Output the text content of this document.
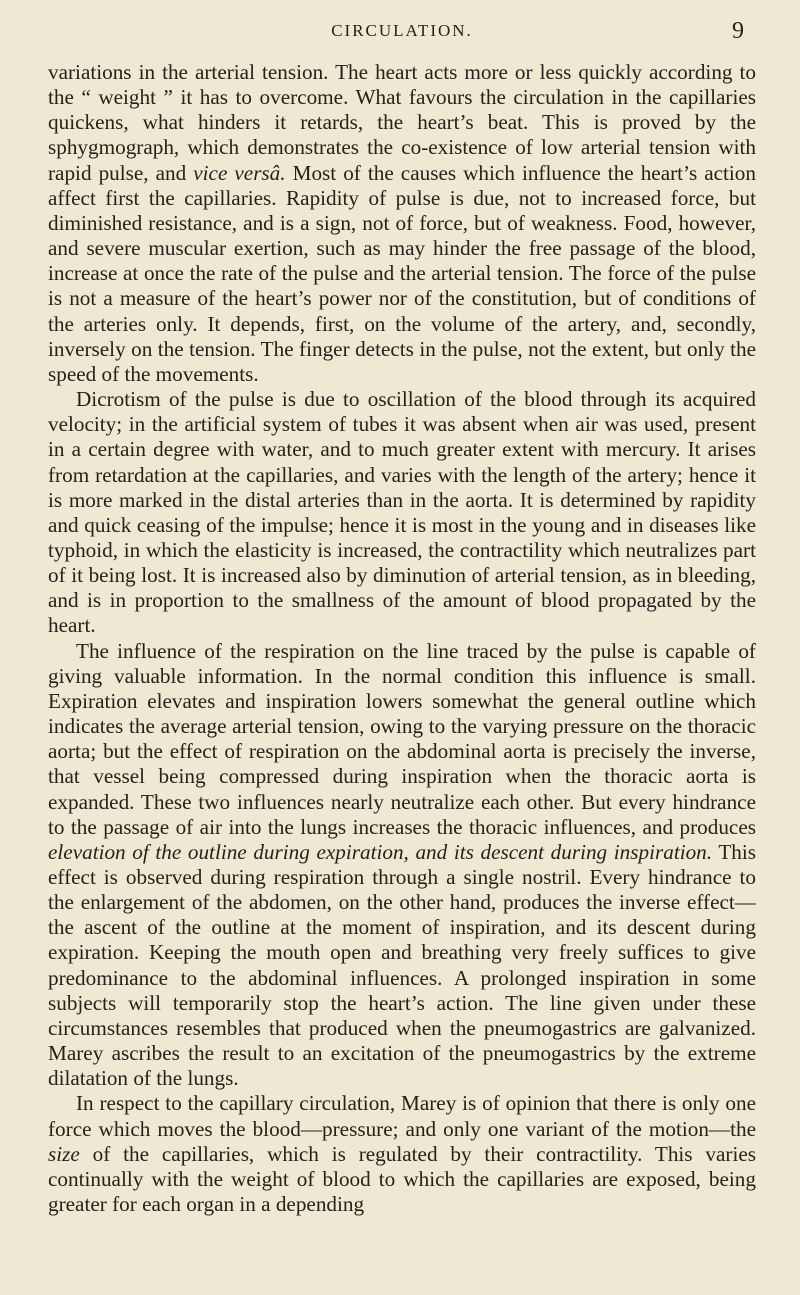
CIRCULATION.	9

variations in the arterial tension. The heart acts more or less quickly according to the “ weight ” it has to overcome. What favours the circulation in the capillaries quickens, what hinders it retards, the heart’s beat. This is proved by the sphygmograph, which demonstrates the co-existence of low arterial tension with rapid pulse, and vice versâ. Most of the causes which influence the heart’s action affect first the capillaries. Rapidity of pulse is due, not to increased force, but diminished resistance, and is a sign, not of force, but of weakness. Food, however, and severe muscular exertion, such as may hinder the free passage of the blood, increase at once the rate of the pulse and the arterial tension. The force of the pulse is not a measure of the heart’s power nor of the constitution, but of conditions of the arteries only. It depends, first, on the volume of the artery, and, secondly, inversely on the tension. The finger detects in the pulse, not the extent, but only the speed of the movements.

Dicrotism of the pulse is due to oscillation of the blood through its acquired velocity; in the artificial system of tubes it was absent when air was used, present in a certain degree with water, and to much greater extent with mercury. It arises from retardation at the capillaries, and varies with the length of the artery; hence it is more marked in the distal arteries than in the aorta. It is determined by rapidity and quick ceasing of the impulse; hence it is most in the young and in diseases like typhoid, in which the elasticity is increased, the contractility which neutralizes part of it being lost. It is increased also by diminution of arterial tension, as in bleeding, and is in proportion to the smallness of the amount of blood propagated by the heart.

The influence of the respiration on the line traced by the pulse is capable of giving valuable information. In the normal condition this influence is small. Expiration elevates and inspiration lowers somewhat the general outline which indicates the average arterial tension, owing to the varying pressure on the thoracic aorta; but the effect of respiration on the abdominal aorta is precisely the inverse, that vessel being compressed during inspiration when the thoracic aorta is expanded. These two influences nearly neutralize each other. But every hindrance to the passage of air into the lungs increases the thoracic influences, and produces elevation of the outline during expiration, and its descent during inspiration. This effect is observed during respiration through a single nostril. Every hindrance to the enlargement of the abdomen, on the other hand, produces the inverse effect—the ascent of the outline at the moment of inspiration, and its descent during expiration. Keeping the mouth open and breathing very freely suffices to give predominance to the abdominal influences. A prolonged inspiration in some subjects will temporarily stop the heart’s action. The line given under these circumstances resembles that produced when the pneumogastrics are galvanized. Marey ascribes the result to an excitation of the pneumogastrics by the extreme dilatation of the lungs.

In respect to the capillary circulation, Marey is of opinion that there is only one force which moves the blood—pressure; and only one variant of the motion—the size of the capillaries, which is regulated by their contractility. This varies continually with the weight of blood to which the capillaries are exposed, being greater for each organ in a depending
